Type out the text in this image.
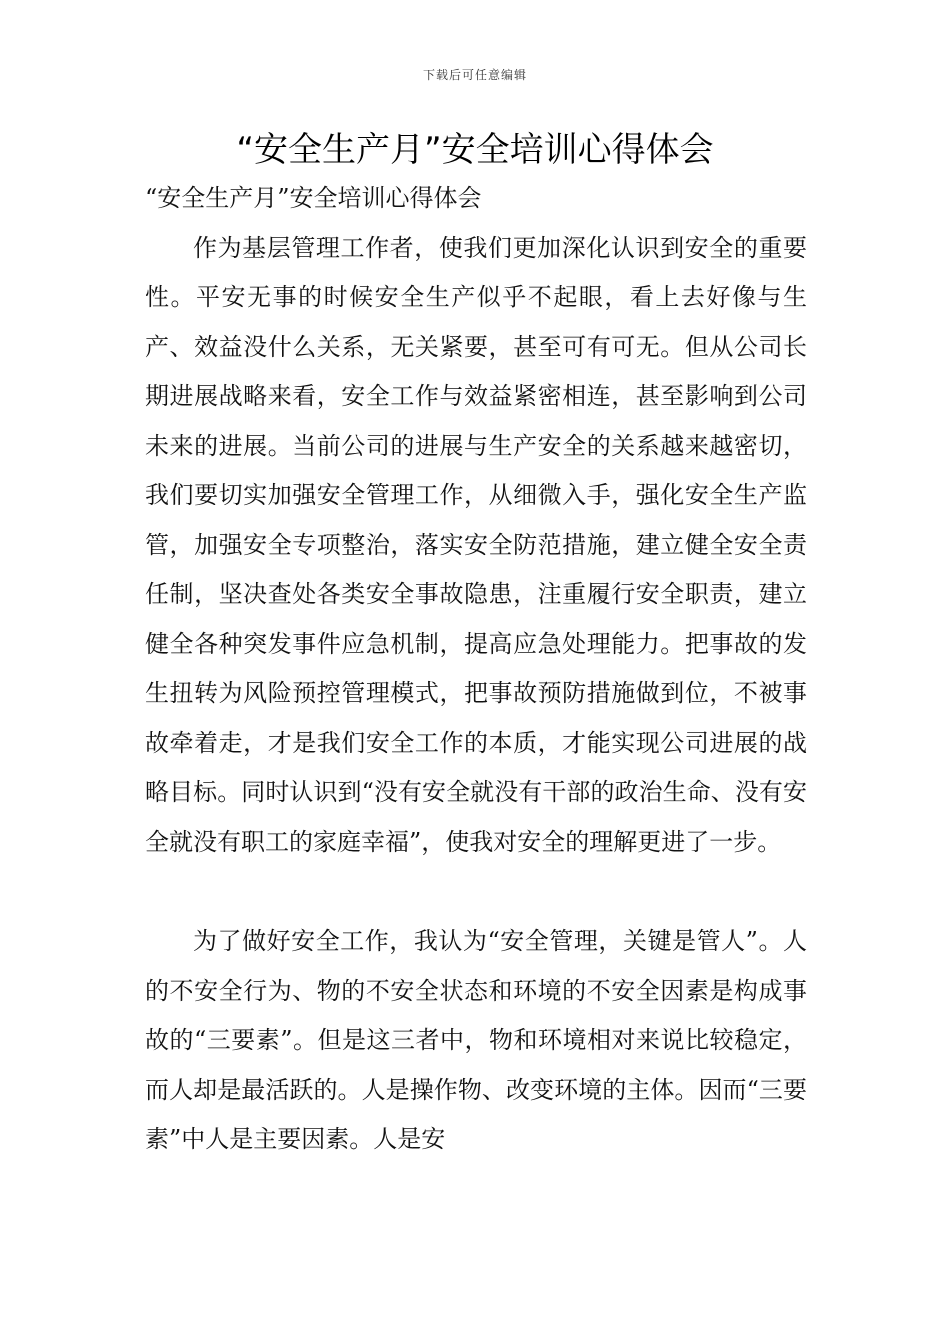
下载后可任意编辑
“安全生产月”安全培训心得体会

“安全生产月”安全培训心得体会

作为基层管理工作者，使我们更加深化认识到安全的重要性。平安无事的时候安全生产似乎不起眼，看上去好像与生产、效益没什么关系，无关紧要，甚至可有可无。但从公司长期进展战略来看，安全工作与效益紧密相连，甚至影响到公司未来的进展。当前公司的进展与生产安全的关系越来越密切，我们要切实加强安全管理工作，从细微入手，强化安全生产监管，加强安全专项整治，落实安全防范措施，建立健全安全责任制，坚决查处各类安全事故隐患，注重履行安全职责，建立健全各种突发事件应急机制，提高应急处理能力。把事故的发生扭转为风险预控管理模式，把事故预防措施做到位，不被事故牵着走，才是我们安全工作的本质，才能实现公司进展的战略目标。同时认识到“没有安全就没有干部的政治生命、没有安全就没有职工的家庭幸福”，使我对安全的理解更进了一步。

为了做好安全工作，我认为“安全管理，关键是管人”。人的不安全行为、物的不安全状态和环境的不安全因素是构成事故的“三要素”。但是这三者中，物和环境相对来说比较稳定，而人却是最活跃的。人是操作物、改变环境的主体。因而“三要素”中人是主要因素。人是安
